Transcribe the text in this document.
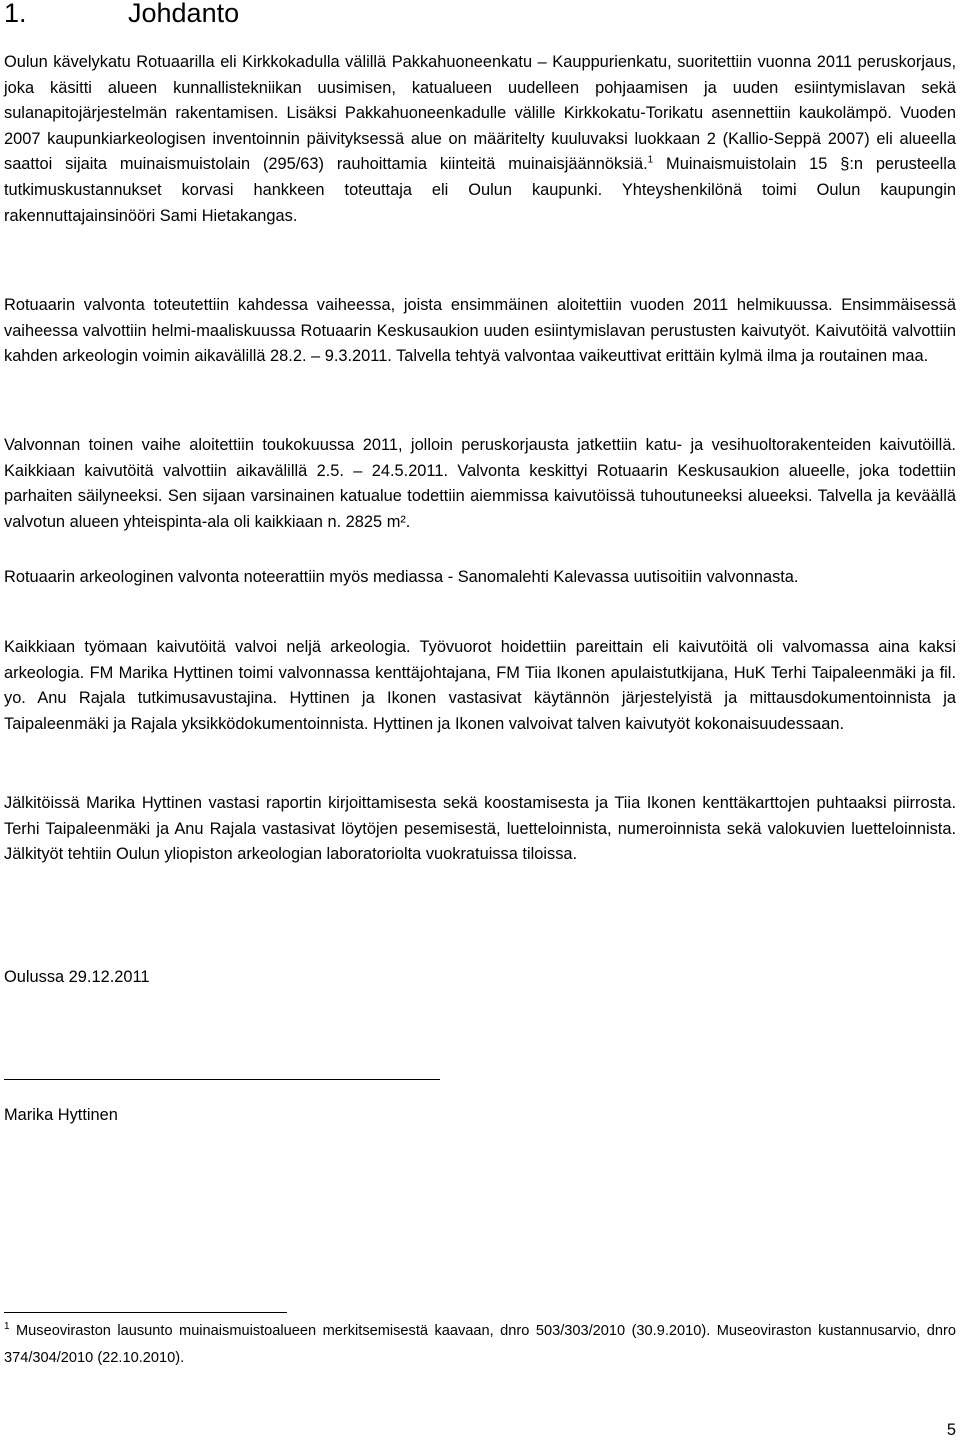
1.	Johdanto

Oulun kävelykatu Rotuaarilla eli Kirkkokadulla välillä Pakkahuoneenkatu – Kauppurienkatu, suoritettiin vuonna 2011 peruskorjaus, joka käsitti alueen kunnallistekniikan uusimisen, katualueen uudelleen pohjaamisen ja uuden esiintymislavan sekä sulanapitojärjestelmän rakentamisen. Lisäksi Pakkahuoneenkadulle välille Kirkkokatu-Torikatu asennettiin kaukolämpö. Vuoden 2007 kaupunkiarkeologisen inventoinnin päivityksessä alue on määritelty kuuluvaksi luokkaan 2 (Kallio-Seppä 2007) eli alueella saattoi sijaita muinaismuistolain (295/63) rauhoittamia kiinteitä muinaisjäännöksiä.$^1$ Muinaismuistolain 15 §:n perusteella tutkimuskustannukset korvasi hankkeen toteuttaja eli Oulun kaupunki. Yhteyshenkilönä toimi Oulun kaupungin rakennuttajainsinööri Sami Hietakangas.

Rotuaarin valvonta toteutettiin kahdessa vaiheessa, joista ensimmäinen aloitettiin vuoden 2011 helmikuussa. Ensimmäisessä vaiheessa valvottiin helmi-maaliskuussa Rotuaarin Keskusaukion uuden esiintymislavan perustusten kaivutyöt. Kaivutöitä valvottiin kahden arkeologin voimin aikavälillä 28.2. – 9.3.2011. Talvella tehtyä valvontaa vaikeuttivat erittäin kylmä ilma ja routainen maa.

Valvonnan toinen vaihe aloitettiin toukokuussa 2011, jolloin peruskorjausta jatkettiin katu- ja vesihuoltorakenteiden kaivutöillä. Kaikkiaan kaivutöitä valvottiin aikavälillä 2.5. – 24.5.2011. Valvonta keskittyi Rotuaarin Keskusaukion alueelle, joka todettiin parhaiten säilyneeksi. Sen sijaan varsinainen katualue todettiin aiemmissa kaivutöissä tuhoutuneeksi alueeksi. Talvella ja keväällä valvotun alueen yhteispinta-ala oli kaikkiaan n. 2825 m².

Rotuaarin arkeologinen valvonta noteerattiin myös mediassa - Sanomalehti Kalevassa uutisoitiin valvonnasta.

Kaikkiaan työmaan kaivutöitä valvoi neljä arkeologia. Työvuorot hoidettiin pareittain eli kaivutöitä oli valvomassa aina kaksi arkeologia. FM Marika Hyttinen toimi valvonnassa kenttäjohtajana, FM Tiia Ikonen apulaistutkijana, HuK Terhi Taipaleenmäki ja fil. yo. Anu Rajala tutkimusavustajina. Hyttinen ja Ikonen vastasivat käytännön järjestelyistä ja mittausdokumentoinnista ja Taipaleenmäki ja Rajala yksikködokumentoinnista. Hyttinen ja Ikonen valvoivat talven kaivutyöt kokonaisuudessaan.

Jälkitöissä Marika Hyttinen vastasi raportin kirjoittamisesta sekä koostamisesta ja Tiia Ikonen kenttäkarttojen puhtaaksi piirrosta. Terhi Taipaleenmäki ja Anu Rajala vastasivat löytöjen pesemisestä, luetteloinnista, numeroinnista sekä valokuvien luetteloinnista. Jälkityöt tehtiin Oulun yliopiston arkeologian laboratoriolta vuokratuissa tiloissa.

Oulussa 29.12.2011

Marika Hyttinen

$^1$ Museoviraston lausunto muinaismuistoalueen merkitsemisestä kaavaan, dnro 503/303/2010 (30.9.2010). Museoviraston kustannusarvio, dnro 374/304/2010 (22.10.2010).

5
